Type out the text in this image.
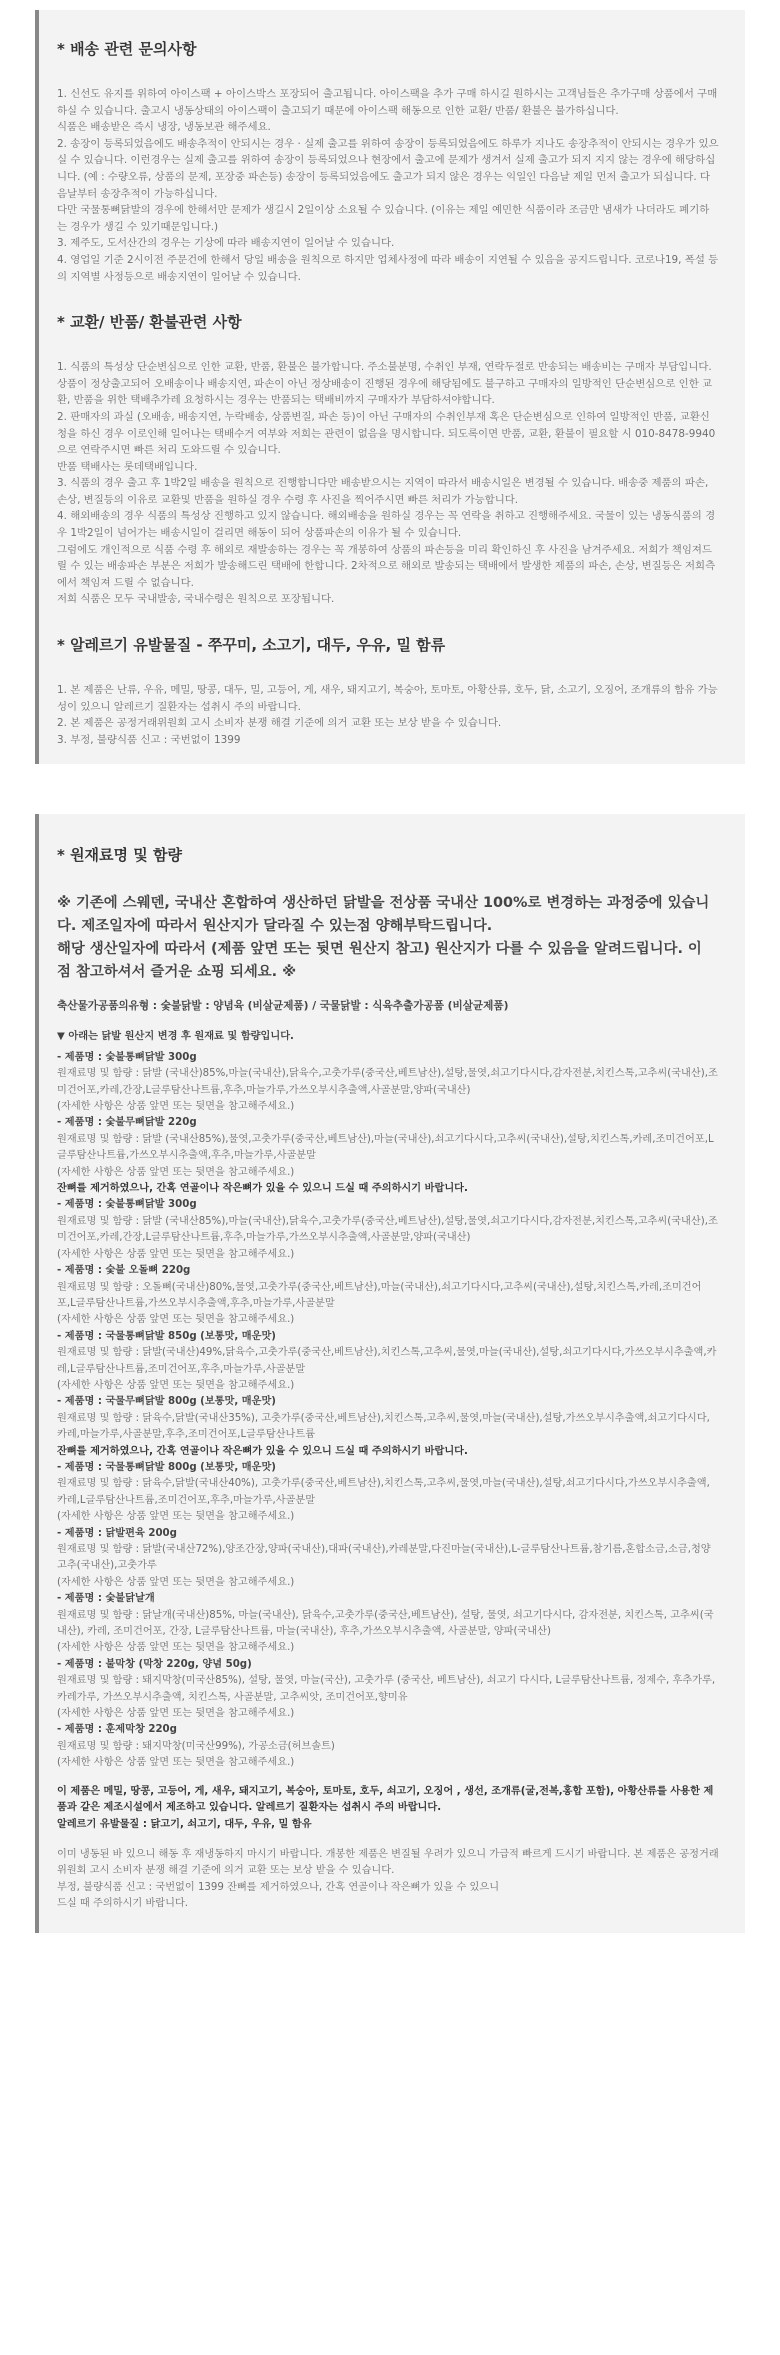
* 배송 관련 문의사항

1. 신선도 유지를 위하여 아이스팩 + 아이스박스 포장되어 출고됩니다. 아이스팩을 추가 구매 하시길 원하시는 고객님들은 추가구매 상품에서 구매하실 수 있습니다. 출고시 냉동상태의 아이스팩이 출고되기 때문에 아이스팩 해동으로 인한 교환/ 반품/ 환불은 불가하십니다.

식품은 배송받은 즉시 냉장, 냉동보관 해주세요.

2. 송장이 등록되었음에도 배송추적이 안되시는 경우 · 실제 출고를 위하여 송장이 등록되었음에도 하루가 지나도 송장추적이 안되시는 경우가 있으실 수 있습니다. 이런경우는 실제 출고를 위하여 송장이 등록되었으나 현장에서 출고에 문제가 생겨서 실제 출고가 되지 지지 않는 경우에 해당하십니다. (예 : 수량오류, 상품의 문제, 포장중 파손등) 송장이 등록되었음에도 출고가 되지 않은 경우는 익일인 다음날 제일 먼저 출고가 되십니다. 다음날부터 송장추적이 가능하십니다.

다만 국물통뼈닭발의 경우에 한해서만 문제가 생길시 2일이상 소요될 수 있습니다. (이유는 제일 예민한 식품이라 조금만 냄새가 나더라도 폐기하는 경우가 생길 수 있기때문입니다.)

3. 제주도, 도서산간의 경우는 기상에 따라 배송지연이 일어날 수 있습니다.

4. 영업일 기준 2시이전 주문건에 한해서 당일 배송을 원칙으로 하지만 업체사정에 따라 배송이 지연될 수 있음을 공지드립니다. 코로나19, 폭설 등의 지역별 사정등으로 배송지연이 일어날 수 있습니다.

* 교환/ 반품/ 환불관련 사항

1. 식품의 특성상 단순변심으로 인한 교환, 반품, 환불은 불가합니다. 주소불분명, 수취인 부재, 연락두절로 반송되는 배송비는 구매자 부담입니다. 상품이 정상출고되어 오배송이나 배송지연, 파손이 아닌 정상배송이 진행된 경우에 해당됨에도 불구하고 구매자의 일방적인 단순변심으로 인한 교환, 반품을 위한 택배추가레 요청하시는 경우는 반품되는 택배비까지 구매자가 부담하셔야합니다.

2. 판매자의 과실 (오배송, 배송지연, 누락배송, 상품변질, 파손 등)이 아닌 구매자의 수취인부재 혹은 단순변심으로 인하여 일방적인 반품, 교환신청을 하신 경우 이로인해 일어나는 택배수거 여부와 저희는 관련이 없음을 명시합니다. 되도록이면 반품, 교환, 환불이 필요할 시 010-8478-9940 으로 연락주시면 빠른 처리 도와드릴 수 있습니다.

반품 택배사는 롯데택배입니다.

3. 식품의 경우 출고 후 1박2일 배송을 원칙으로 진행합니다만 배송받으시는 지역이 따라서 배송시일은 변경될 수 있습니다. 배송중 제품의 파손, 손상, 변질등의 이유로 교환및 반품을 원하실 경우 수령 후 사진을 찍어주시면 빠른 처리가 가능합니다.

4. 해외배송의 경우 식품의 특성상 진행하고 있지 않습니다. 해외배송을 원하실 경우는 꼭 연락을 취하고 진행해주세요. 국물이 있는 냉동식품의 경우 1박2일이 넘어가는 배송시일이 걸리면 해동이 되어 상품파손의 이유가 될 수 있습니다.

그럼에도 개인적으로 식품 수령 후 해외로 재발송하는 경우는 꼭 개봉하여 상품의 파손등을 미리 확인하신 후 사진을 남겨주세요. 저희가 책임져드릴 수 있는 배송파손 부분은 저희가 발송해드린 택배에 한합니다. 2차적으로 해외로 발송되는 택배에서 발생한 제품의 파손, 손상, 변질등은 저희측에서 책임져 드릴 수 없습니다.

저희 식품은 모두 국내발송, 국내수령은 원칙으로 포장됩니다.

* 알레르기 유발물질 - 쭈꾸미, 소고기, 대두, 우유, 밀 함류

1. 본 제품은 난류, 우유, 메밀, 땅콩, 대두, 밀, 고등어, 게, 새우, 돼지고기, 복숭아, 토마토, 아황산류, 호두, 닭, 소고기, 오징어, 조개류의 함유 가능성이 있으니 알레르기 질환자는 섭취시 주의 바랍니다.

2. 본 제품은 공정거래위원회 고시 소비자 분쟁 해결 기준에 의거 교환 또는 보상 받을 수 있습니다.

3. 부정, 불량식품 신고 : 국번없이 1399

* 원재료명 및 함량

※ 기존에 스웨덴, 국내산 혼합하여 생산하던 닭발을 전상품 국내산 100%로 변경하는 과정중에 있습니다. 제조일자에 따라서 원산지가 달라질 수 있는점 양해부탁드립니다.

해당 생산일자에 따라서 (제품 앞면 또는 뒷면 원산지 참고) 원산지가 다를 수 있음을 알려드립니다. 이 점 참고하셔서 즐거운 쇼핑 되세요. ※

축산물가공품의유형 : 숯불닭발 : 양념육 (비살균제품) / 국물닭발 : 식육추출가공품 (비살균제품)

▼ 아래는 닭발 원산지 변경 후 원재료 및 함량입니다.

- 제품명 : 숯불통뼈닭발 300g

원재료명 및 함량 : 닭발 (국내산)85%,마늘(국내산),닭육수,고춧가루(중국산,베트남산),설탕,물엿,쇠고기다시다,감자전분,치킨스톡,고추씨(국내산),조미건어포,카레,간장,L글루탐산나트륨,후추,마늘가루,가쓰오부시추출액,사골분말,양파(국내산)

(자세한 사항은 상품 앞면 또는 뒷면을 참고해주세요.)

- 제품명 : 숯불무뼈닭발 220g

원재료명 및 함량 : 닭발 (국내산85%),물엿,고춧가루(중국산,베트남산),마늘(국내산),쇠고기다시다,고추씨(국내산),설탕,치킨스톡,카레,조미건어포,L글루탐산나트륨,가쓰오부시추출액,후추,마늘가루,사골분말

(자세한 사항은 상품 앞면 또는 뒷면을 참고해주세요.)

잔뼈를 제거하였으나, 간혹 연골이나 작은뼈가 있을 수 있으니 드실 때 주의하시기 바랍니다.

- 제품명 : 숯불통뼈닭발 300g

원재료명 및 함량 : 닭발 (국내산85%),마늘(국내산),닭육수,고춧가루(중국산,베트남산),설탕,물엿,쇠고기다시다,감자전분,치킨스톡,고추씨(국내산),조미건어포,카레,간장,L글루탐산나트륨,후추,마늘가루,가쓰오부시추출액,사골분말,양파(국내산)

(자세한 사항은 상품 앞면 또는 뒷면을 참고해주세요.)

- 제품명 : 숯불 오돌뼈 220g

원재료명 및 함량 : 오돌뼈(국내산)80%,물엿,고춧가루(중국산,베트남산),마늘(국내산),쇠고기다시다,고추씨(국내산),설탕,치킨스톡,카레,조미건어포,L글루탐산나트륨,가쓰오부시추출액,후추,마늘가루,사골분말

(자세한 사항은 상품 앞면 또는 뒷면을 참고해주세요.)

- 제품명 : 국물통뼈닭발 850g (보통맛, 매운맛)

원재료명 및 함량 : 닭발(국내산)49%,닭육수,고춧가루(중국산,베트남산),치킨스톡,고추씨,물엿,마늘(국내산),설탕,쇠고기다시다,가쓰오부시추출액,카레,L글루탐산나트륨,조미건어포,후추,마늘가루,사골분말

(자세한 사항은 상품 앞면 또는 뒷면을 참고해주세요.)

- 제품명 : 국물무뼈닭발 800g (보통맛, 매운맛)

원재료명 및 함량 : 닭육수,닭발(국내산35%), 고춧가루(중국산,베트남산),치킨스톡,고추씨,물엿,마늘(국내산),설탕,가쓰오부시추출액,쇠고기다시다,카레,마늘가루,사골분말,후추,조미건어포,L글루탐산나트륨

잔뼈를 제거하였으나, 간혹 연골이나 작은뼈가 있을 수 있으니 드실 때 주의하시기 바랍니다.

- 제품명 : 국물통뼈닭발 800g (보통맛, 매운맛)

원재료명 및 함량 : 닭육수,닭발(국내산40%), 고춧가루(중국산,베트남산),치킨스톡,고추씨,물엿,마늘(국내산),설탕,쇠고기다시다,가쓰오부시추출액,카레,L글루탐산나트륨,조미건어포,후추,마늘가루,사골분말

(자세한 사항은 상품 앞면 또는 뒷면을 참고해주세요.)

- 제품명 : 닭발편육 200g

원재료명 및 함량 : 닭발(국내산72%),양조간장,양파(국내산),대파(국내산),카레분말,다진마늘(국내산),L-글루탐산나트륨,참기름,혼합소금,소금,청양고추(국내산),고춧가루

(자세한 사항은 상품 앞면 또는 뒷면을 참고해주세요.)

- 제품명 : 숯불닭날개

원재료명 및 함량 : 닭날개(국내산)85%, 마늘(국내산), 닭육수,고춧가루(중국산,베트남산), 설탕, 물엿, 쇠고기다시다, 감자전분, 치킨스톡, 고추씨(국내산), 카레, 조미건어포, 간장, L글루탐산나트륨, 마늘(국내산), 후추,가쓰오부시추출액, 사골분말, 양파(국내산)

(자세한 사항은 상품 앞면 또는 뒷면을 참고해주세요.)

- 제품명 : 불막창 (막창 220g, 양념 50g)

원재료명 및 함량 : 돼지막창(미국산85%), 설탕, 물엿, 마늘(국산), 고춧가루 (중국산, 베트남산), 쇠고기 다시다, L글루탐산나트륨, 정제수, 후추가루, 카레가루, 가쓰오부시추출액, 치킨스톡, 사골분말, 고추씨앗, 조미건어포,향미유

(자세한 사항은 상품 앞면 또는 뒷면을 참고해주세요.)

- 제품명 : 훈제막창 220g

원재료명 및 함량 : 돼지막창(미국산99%), 가공소금(허브솔트)

(자세한 사항은 상품 앞면 또는 뒷면을 참고해주세요.)

이 제품은 메밀, 땅콩, 고등어, 게, 새우, 돼지고기, 복숭아, 토마토, 호두, 쇠고기, 오징어 , 생선, 조개류(굴,전복,홍합 포함), 아황산류를 사용한 제품과 같은 제조시설에서 제조하고 있습니다. 알레르기 질환자는 섭취시 주의 바랍니다.

알레르기 유발물질 : 닭고기, 쇠고기, 대두, 우유, 밀 함유

이미 냉동된 바 있으니 해동 후 재냉동하지 마시기 바랍니다. 개봉한 제품은 변질될 우려가 있으니 가급적 빠르게 드시기 바랍니다. 본 제품은 공정거래위원회 고시 소비자 분쟁 해결 기준에 의거 교환 또는 보상 받을 수 있습니다.

부정, 불량식품 신고 : 국번없이 1399 잔뼈를 제거하였으나, 간혹 연골이나 작은뼈가 있을 수 있으니

드실 때 주의하시기 바랍니다.
